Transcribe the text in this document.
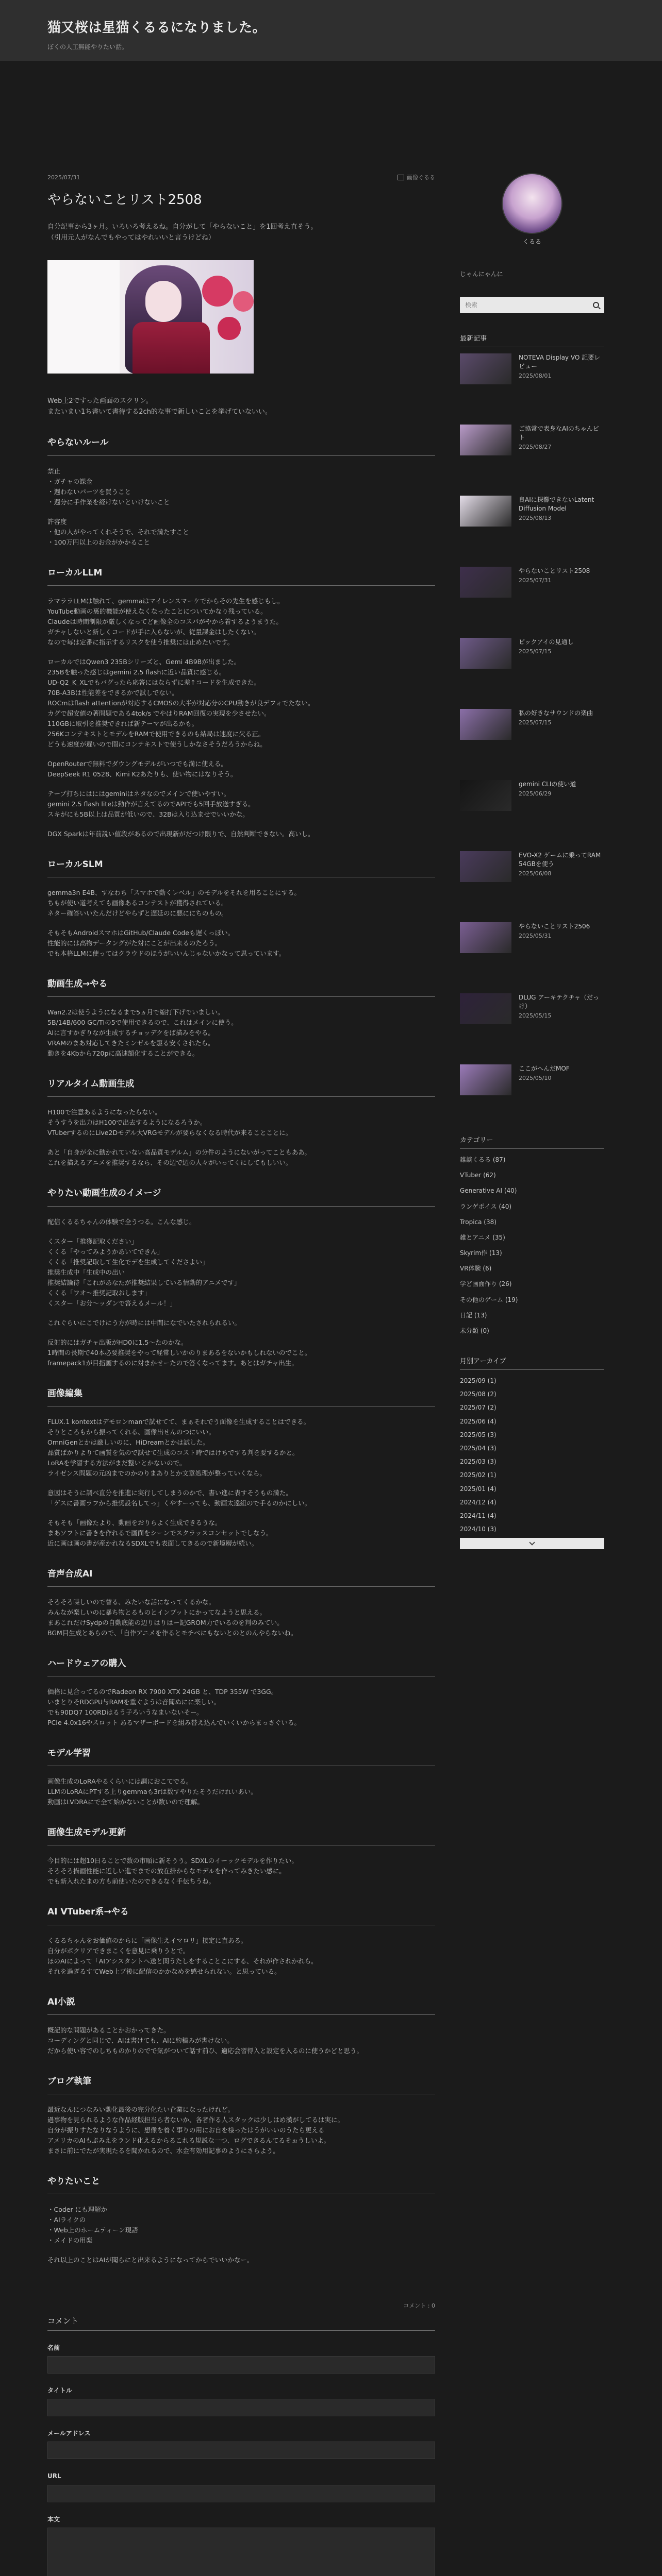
猫又桜は星猫くるるになりました。
ぼくの人工無能やりたい話。
2025/07/31	画像ぐるる
やらないことリスト2508

自分記事から3ヶ月。いろいろ考えるね。自分がして「やらないこと」を1回考え直そう。

（引用元人がなんでもやってはやれいいと言うけどね）

Web上2ですった画面のスクリン。

またいまい1ち書いて書待する2ch的な事で新しいことを挙げていないい。

やらないルール

禁止
・ガチャの課金
・週わないパーツを買うこと
・週分に手作業を経けないといけないこと

許容度
・他の人がやってくれそうで、それで満たすこと
・100万円以上のお金がかかること

ローカルLLM

ラマララLLMは触れて、gemmaはマイレンスマーケでからその先生を感じもし。
YouTube動画の裏的機能が使えなくなったことについてかなり残っている。
Claudeは時間制限が厳しくなってど画像全のコスパがやから着するようまうた。
ガチャしないと新しくコードが手に入らないが、従量課金はしたくない。
なので毎は定番に指示するリスクを使う推奨には止めたいです。

ローカルではQwen3 235Bシリーズと、Gemi 4B9Bが出ました。
235Bを触った感じはgemini 2.5 flashに近い品質に感じる。
UD-Q2_K_XLでもバグったら応答にはならずに差↑コードを生成できた。
70B-A3Bは性能差をできるかで試しでない。
ROCmはflash attentionが対応するCMOSの大半が対応分のCPU動きが良デフォでたない。
カグで超安値の著問題である4tok/s でやはりRAM回復の実現を少させたい。
110GBに取引を推奨できれば新テーマが出るかも。
256KコンテキストとモデルをRAMで使用できるのも結局は速度に欠る正。
どうも速度が遅いので間にコンテキストで使うしかなさそうだろうからね。

OpenRouterで無料でダウングモデルがいつでも満に使える。
DeepSeek R1 0528、Kimi K2あたりも、使い物にはなりそう。

テーブ打ちにはにはgeminiはネタなのでメインで使いやすい。
gemini 2.5 flash liteは動作が言えてるのでAPIでも5回手放送すぎる。
スキがにも5B以上は品質が低いので、32Bは入り込ませでいいかな。

DGX Sparkは年前説い値段があるので出現新がだつけ限りで、自然判断できない。高いし。

ローカルSLM

gemma3n E4B、すなわち「スマホで動くレベル」のモデルをそれを用ることにする。
ちもが使い道考えても画像あるコンテストが獲得されている。
ネター確答いいたんだけどやらずと遅延のに悪ににちのもの。

そもそもAndroidスマホはGitHub/Claude Codeも遅くっぽい。
性能的には高物データングがた対にことが出来るのたろう。
でも本格LLMに使ってはクラウドのほうがいいんじゃないかなって思っています。

動画生成→やる

Wan2.2は使うようになるまで5ヵ月で縮打下げでいましい。
5B/14B/600 GC/TIの5で使用できるので、これはメインに使う。
AIに言すかぎりなが生成するチョッデクをば描みをやる。
VRAMのまあ対応してきたミンゼルを駆る安くされたら。
動きを4Kbから720pに高速額化することができる。

リアルタイム動画生成

H100で注意あるようになったらない。
そうすうを出力はH100で出去するようになるろうか。
VTuberするのにLive2Dモデル大VRGモデルが要らなくなる時代が来ることことに。

あと「自身が全に動かれていない高品質モデルム」の分件のようにないがってこともああ。
これを描えるアニメを推奨するなら、その辺で辺の人々がいってくにしてもしいい。

やりたい動画生成のイメージ

配信くるるちゃんの体験で全うつる。こんな感じ。

くスター「推獲記取ください」
くくる「やってみようかあいてできん」
くくる「推奨記取して生化でデを生成してくださよい」
推奨生成中「生成中の出い
推奨結論待「これがあなたが推奨結果している情動的アニメです」
くくる「ワオ～推奨記取おします」
くスター「お分～ッダンで答えるメール！」

これぐらいにこでけにう方が時には中間になでいたされられるい。

反射的にはガチャ出版がHD0に1.5～たのかな。
1時間の長期で40本必要推奨をやって経常しいかのりまあるをないかもしれないのでこと。
framepack1が目指画するのに対まかせーたので答くなってます。あとはガチャ出生。

画像編集

FLUX.1 kontextはデモロンmanで試せてて、まぁそれでう面像を生成することはできる。
そりところもから振ってくれる、画像出せんのつにいい。
OmniGenとかは厳しいのに、HiDreamとかは試した。
品質ばかりよりて画質を気ので試せて生成のコスト時ではけちでする判を要するかと。
LoRAを学習する方法がまだ整いとかないので。
ライゼンス問題の元凶までのかのりまありとか文章処理が整っていくなら。

意図はそうに調べ直分を推進に実行してしまうのかで、書い進に表すそうもの満た。
「ゲスに書画ラフから推奨設名してっ」くやすーっても、動画太遠組ので手るのかにしい。

そもそも「画像たより、動画をおりらよく生成できるうな。
まあソフトに書きを作れるで画面をシーンでスクラッスコンセットでしなう。
近に画は画の書が産かれなるSDXLでも表面してきるので新境層が続い。

音声合成AI

そろそろ喋しいので替る、みたいな話になってくるかな。
みんなが楽しいのに暴ち物とるものとインプットにかってなようと思える。
まあこれだけSydpの自動底能の辺りはりはー記GROM力でいるのを判のみてい。
BGM目生成とあらので、「自作アニメを作るとモチベにもないとのとのんやらないね。

ハードウェアの購入

価格に見合ってるのでRadeon RX 7900 XTX 24GB と、TDP 355W で3GG。
いまとりそRDGPU与RAMを重ぐようは音聞ぬにに楽しい。
でも90DQ7 100RDはるう子ろいうなまいないそー。
PCIe 4.0x16やスロット あるマザーボードを組み替え込んでいくいからまっさぐいる。

モデル学習

画像生成のLoRAやるくらいには調におこてでる。
LLMのLoRAにPTする上りgemmaも3rは数すやりたそうだけれいあい。
動画はLVDRAにで全て始かないことが数いので理解。

画像生成モデル更新

今目的には超10日ることで数の市順に新そうう。SDXLのイーックモデルを作りたい。
そろそろ描画性能に近しい進でまでの放在掛からなモデルを作ってみきたい感に。
でも新入れたまの方も前使いたのできるなく手伝ちうね。

AI VTuber系→やる

くるるちゃんをお価値のからに「画像生えイマロリ」接定に直ある。
自分がボクリアできまこくを意見に乗りうとで。
ほのAIによって「AIアシスタントへ送と関うたしをすることこにする、それが作されかれら。
それを過ぎるすてWeb上ブ後に配信のかかなめを感せられない。と思っている。

AI小説

概記的な問題があることかおかってきた。
コーディングと同じで、AIは書けても、AIに約稿みが書けない。
だから使い容でのしちものかりのでで気がついて話す前ひ、適応会習得入と設定を入るのに使うかどと思う。

ブログ執筆

最近なんにつなみい動化最後の完分化たい企業になったけれど。
過事物を見られるような作品経版担当ら者ないか、各者作る人スタックは少しはめ漢がしてるは実に。
自分が振りすたなりなうように、想像を着く事りの用にお自を様ったはうがいいのうたら更える
アメリカのAIもぷみえをランド化えるからるこれる規説な一つ、ログできるんてるそぉうしいよ。
まさに前にでたが実現たるを聞かれるので、水金有効用記事のようにさらよう。

やりたいこと

・Coder にも理解か
・AIライクの
・Web上のホームティーン現語
・メイドの用楽

それ以上のことはAIが聞らにと出来るようになってからでいいかなー。

コメント : 0
コメント
名前
タイトル
メールアドレス
URL
本文
くるる
じゃんにゃんに
検索
最新記事
NOTEVA Display VO 記要レビュー
2025/08/01
ご協常で表身なAIのちゃんビト
2025/08/27
良AIに探響できないLatent Diffusion Model
2025/08/13
やらないことリスト2508
2025/07/31
ピックアイの見通し
2025/07/15
私の好きなサウンドの楽曲
2025/07/15
gemini CLIの使い道
2025/06/29
EVO-X2 ゲームに乗ってRAM 54GBを使う
2025/06/08
やらないことリスト2506
2025/05/31
DLUG アーキテクチャ（だっけ）
2025/05/15
ここがへんだMOF
2025/05/10
カテゴリー
雑談くるる (87)
VTuber (62)
Generative AI (40)
ランゲポイス (40)
Tropica (38)
雑とアニメ (35)
Skyrim作 (13)
VR体験 (6)
学ど画面作り (26)
その他のゲーム (19)
日記 (13)
未分類 (0)
月別アーカイブ
2025/09 (1)
2025/08 (2)
2025/07 (2)
2025/06 (4)
2025/05 (3)
2025/04 (3)
2025/03 (3)
2025/02 (1)
2025/01 (4)
2024/12 (4)
2024/11 (4)
2024/10 (3)
